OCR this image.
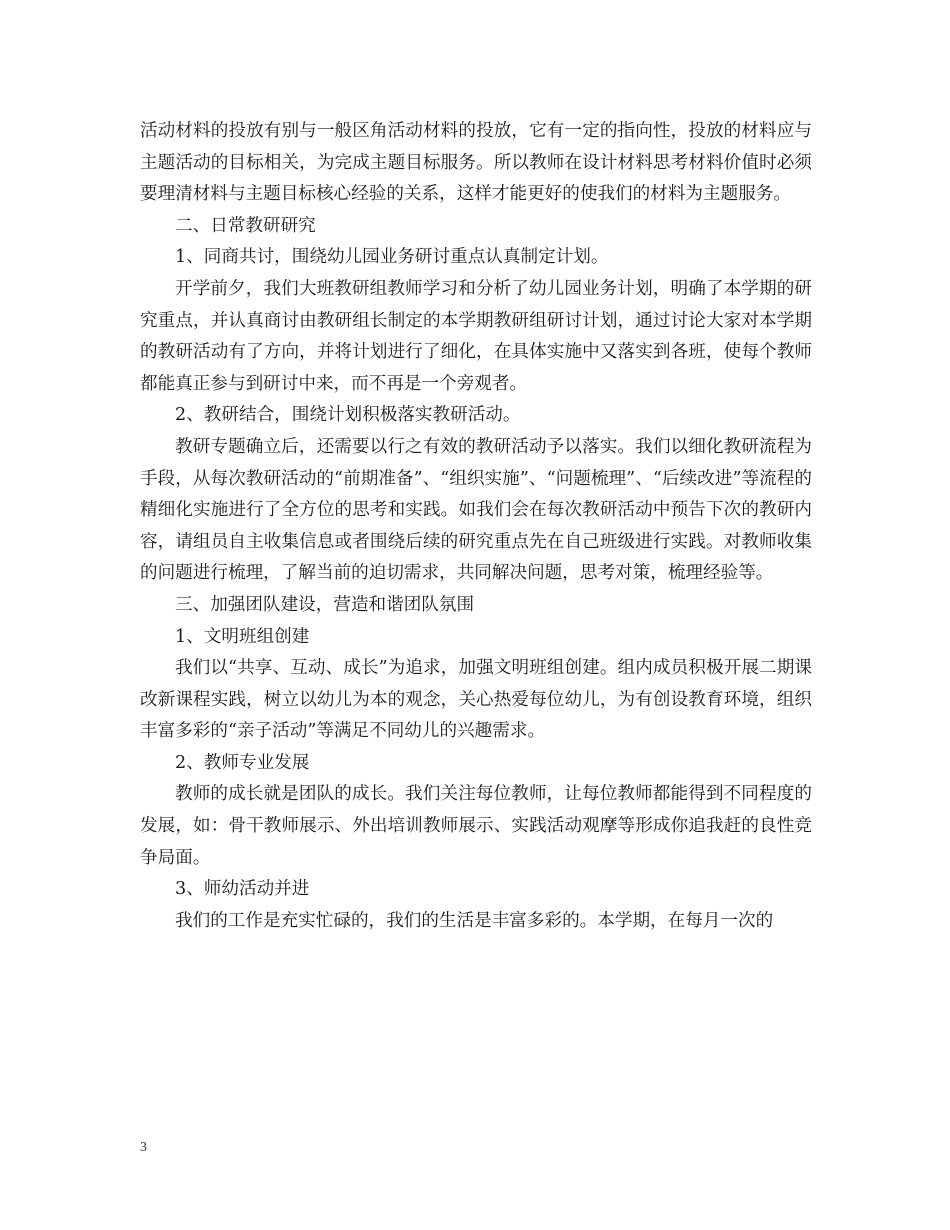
活动材料的投放有别与一般区角活动材料的投放，它有一定的指向性，投放的材料应与主题活动的目标相关，为完成主题目标服务。所以教师在设计材料思考材料价值时必须要理清材料与主题目标核心经验的关系，这样才能更好的使我们的材料为主题服务。

二、日常教研研究

1、同商共讨，围绕幼儿园业务研讨重点认真制定计划。

开学前夕，我们大班教研组教师学习和分析了幼儿园业务计划，明确了本学期的研究重点，并认真商讨由教研组长制定的本学期教研组研讨计划，通过讨论大家对本学期的教研活动有了方向，并将计划进行了细化，在具体实施中又落实到各班，使每个教师都能真正参与到研讨中来，而不再是一个旁观者。

2、教研结合，围绕计划积极落实教研活动。

教研专题确立后，还需要以行之有效的教研活动予以落实。我们以细化教研流程为手段，从每次教研活动的“前期准备”、“组织实施”、“问题梳理”、“后续改进”等流程的精细化实施进行了全方位的思考和实践。如我们会在每次教研活动中预告下次的教研内容，请组员自主收集信息或者围绕后续的研究重点先在自己班级进行实践。对教师收集的问题进行梳理，了解当前的迫切需求，共同解决问题，思考对策，梳理经验等。

三、加强团队建设，营造和谐团队氛围

1、文明班组创建

我们以“共享、互动、成长”为追求，加强文明班组创建。组内成员积极开展二期课改新课程实践，树立以幼儿为本的观念，关心热爱每位幼儿，为有创设教育环境，组织丰富多彩的“亲子活动”等满足不同幼儿的兴趣需求。

2、教师专业发展

教师的成长就是团队的成长。我们关注每位教师，让每位教师都能得到不同程度的发展，如：骨干教师展示、外出培训教师展示、实践活动观摩等形成你追我赶的良性竞争局面。

3、师幼活动并进

我们的工作是充实忙碌的，我们的生活是丰富多彩的。本学期，在每月一次的

3
